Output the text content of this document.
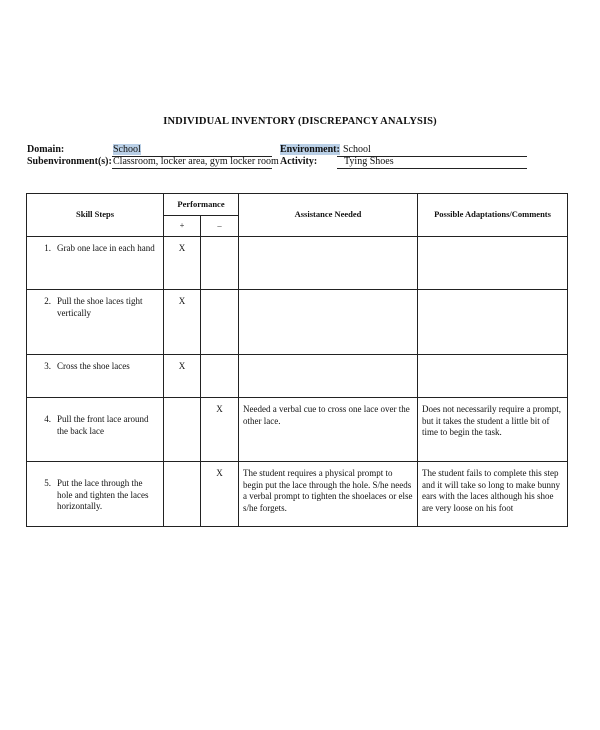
INDIVIDUAL INVENTORY (DISCREPANCY ANALYSIS)
Domain:	School	Environment: School
Subenvironment(s): Classroom, locker area, gym locker room Activity:	Tying Shoes
Skill Steps	Performance		Assistance Needed	Possible Adaptations/Comments
	+	–		

1. Grab one lace in each hand	X			

2. Pull the shoe laces tight vertically	X			

3. Cross the shoe laces	X			

4. Pull the front lace around the back lace		X	Needed a verbal cue to cross one lace over the other lace.	Does not necessarily require a prompt, but it takes the student a little bit of time to begin the task.

5. Put the lace through the hole and tighten the laces horizontally.		X	The student requires a physical prompt to begin put the lace through the hole. S/he needs a verbal prompt to tighten the shoelaces or else s/he forgets.	The student fails to complete this step and it will take so long to make bunny ears with the laces although his shoe are very loose on his foot
